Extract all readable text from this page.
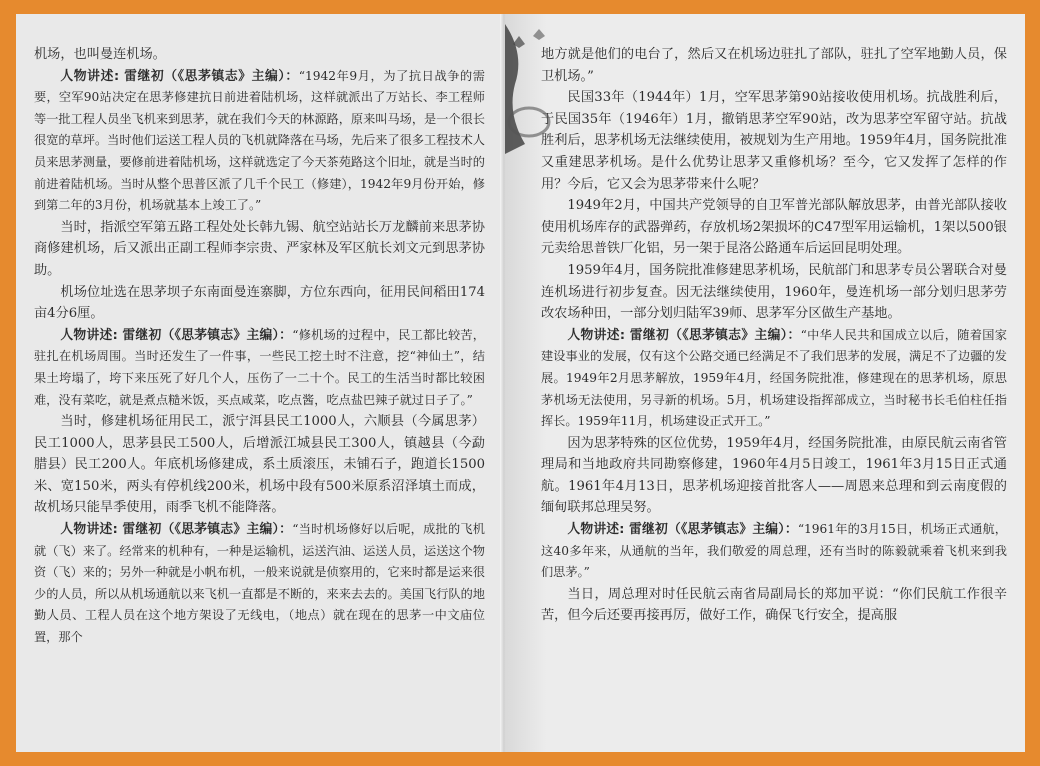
机场，也叫曼连机场。

人物讲述: 雷继初（《思茅镇志》主编）：“1942年9月，为了抗日战争的需要，空军90站决定在思茅修建抗日前进着陆机场，这样就派出了万站长、李工程师等一批工程人员坐飞机来到思茅，就在我们今天的林源路，原来叫马场，是一个很长很宽的草坪。当时他们运送工程人员的飞机就降落在马场，先后来了很多工程技术人员来思茅测量，要修前进着陆机场，这样就选定了今天茶苑路这个旧址，就是当时的前进着陆机场。当时从整个思普区派了几千个民工（修建），1942年9月份开始，修到第二年的3月份，机场就基本上竣工了。”

当时，指派空军第五路工程处处长韩九锡、航空站站长万龙麟前来思茅协商修建机场，后又派出正副工程师李宗贵、严家林及军区航长刘文元到思茅协助。

机场位址选在思茅坝子东南面曼连寨脚，方位东西向，征用民间稻田174亩4分6厘。

人物讲述: 雷继初（《思茅镇志》主编）：“修机场的过程中，民工都比较苦，驻扎在机场周围。当时还发生了一件事，一些民工挖土时不注意，挖“神仙土”，结果土垮塌了，垮下来压死了好几个人，压伤了一二十个。民工的生活当时都比较困难，没有菜吃，就是煮点糙米饭，买点咸菜，吃点酱，吃点盐巴辣子就过日子了。”

当时，修建机场征用民工，派宁洱县民工1000人，六顺县（今属思茅）民工1000人，思茅县民工500人，后增派江城县民工300人，镇越县（今勐腊县）民工200人。年底机场修建成，系土质滚压，未铺石子，跑道长1500米、宽150米，两头有停机线200米，机场中段有500米原系沼泽填土而成，故机场只能旱季使用，雨季飞机不能降落。

人物讲述: 雷继初（《思茅镇志》主编）：“当时机场修好以后呢，成批的飞机就（飞）来了。经常来的机种有，一种是运输机，运送汽油、运送人员，运送这个物资（飞）来的；另外一种就是小帆布机，一般来说就是侦察用的，它来时都是运来很少的人员，所以从机场通航以来飞机一直都是不断的，来来去去的。美国飞行队的地勤人员、工程人员在这个地方架设了无线电，（地点）就在现在的思茅一中文庙位置，那个

地方就是他们的电台了，然后又在机场边驻扎了部队，驻扎了空军地勤人员，保卫机场。”

民国33年（1944年）1月，空军思茅第90站接收使用机场。抗战胜利后，于民国35年（1946年）1月，撤销思茅空军90站，改为思茅空军留守站。抗战胜利后，思茅机场无法继续使用，被规划为生产用地。1959年4月，国务院批准又重建思茅机场。是什么优势让思茅又重修机场？至今，它又发挥了怎样的作用？今后，它又会为思茅带来什么呢？

1949年2月，中国共产党领导的自卫军普光部队解放思茅，由普光部队接收使用机场库存的武器弹药，存放机场2架损坏的C47型军用运输机，1架以500银元卖给思普铁厂化铝，另一架于昆洛公路通车后运回昆明处理。

1959年4月，国务院批准修建思茅机场，民航部门和思茅专员公署联合对曼连机场进行初步复查。因无法继续使用，1960年，曼连机场一部分划归思茅劳改农场种田，一部分划归陆军39师、思茅军分区做生产基地。

人物讲述: 雷继初（《思茅镇志》主编）：“中华人民共和国成立以后，随着国家建设事业的发展，仅有这个公路交通已经满足不了我们思茅的发展，满足不了边疆的发展。1949年2月思茅解放，1959年4月，经国务院批准，修建现在的思茅机场，原思茅机场无法使用，另寻新的机场。5月，机场建设指挥部成立，当时秘书长毛伯柱任指挥长。1959年11月，机场建设正式开工。”

因为思茅特殊的区位优势，1959年4月，经国务院批准，由原民航云南省管理局和当地政府共同勘察修建，1960年4月5日竣工，1961年3月15日正式通航。1961年4月13日，思茅机场迎接首批客人——周恩来总理和到云南度假的缅甸联邦总理吴努。

人物讲述: 雷继初（《思茅镇志》主编）：“1961年的3月15日，机场正式通航，这40多年来，从通航的当年，我们敬爱的周总理，还有当时的陈毅就乘着飞机来到我们思茅。”

当日，周总理对时任民航云南省局副局长的郑加平说：“你们民航工作很辛苦，但今后还要再接再厉，做好工作，确保飞行安全，提高服
